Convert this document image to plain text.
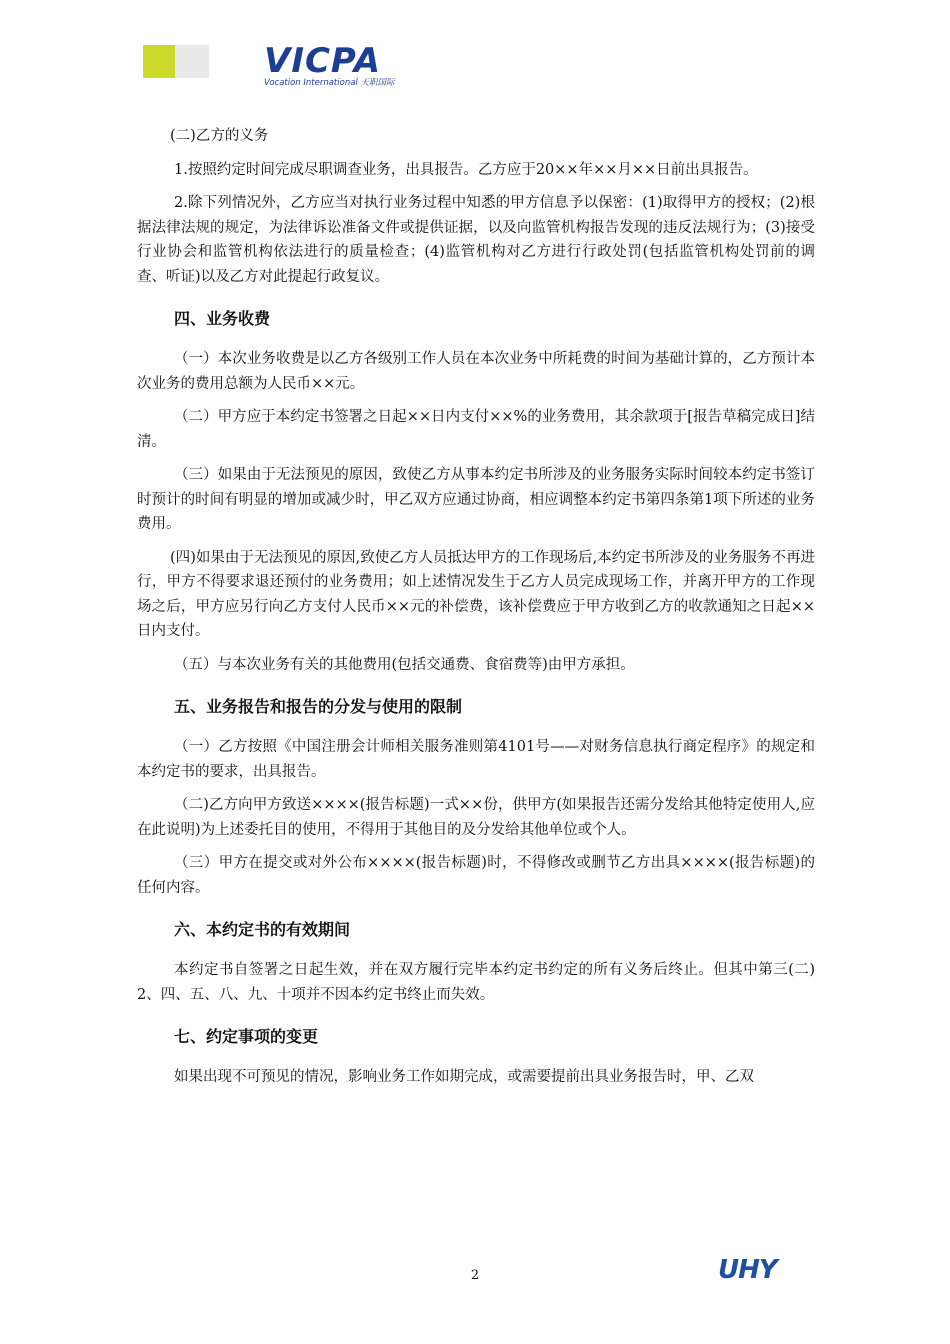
VICPA
Vocation International 天职国际

(二)乙方的义务

1.按照约定时间完成尽职调查业务，出具报告。乙方应于20××年××月××日前出具报告。

2.除下列情况外，乙方应当对执行业务过程中知悉的甲方信息予以保密：(1)取得甲方的授权；(2)根据法律法规的规定，为法律诉讼准备文件或提供证据，以及向监管机构报告发现的违反法规行为；(3)接受行业协会和监管机构依法进行的质量检查；(4)监管机构对乙方进行行政处罚(包括监管机构处罚前的调查、听证)以及乙方对此提起行政复议。

四、业务收费

（一）本次业务收费是以乙方各级别工作人员在本次业务中所耗费的时间为基础计算的，乙方预计本次业务的费用总额为人民币××元。

（二）甲方应于本约定书签署之日起××日内支付××%的业务费用，其余款项于[报告草稿完成日]结清。

（三）如果由于无法预见的原因，致使乙方从事本约定书所涉及的业务服务实际时间较本约定书签订时预计的时间有明显的增加或减少时，甲乙双方应通过协商，相应调整本约定书第四条第1项下所述的业务费用。

(四)如果由于无法预见的原因,致使乙方人员抵达甲方的工作现场后,本约定书所涉及的业务服务不再进行，甲方不得要求退还预付的业务费用；如上述情况发生于乙方人员完成现场工作，并离开甲方的工作现场之后，甲方应另行向乙方支付人民币××元的补偿费，该补偿费应于甲方收到乙方的收款通知之日起××日内支付。

（五）与本次业务有关的其他费用(包括交通费、食宿费等)由甲方承担。

五、业务报告和报告的分发与使用的限制

（一）乙方按照《中国注册会计师相关服务准则第4101号——对财务信息执行商定程序》的规定和本约定书的要求，出具报告。

（二)乙方向甲方致送××××(报告标题)一式××份，供甲方(如果报告还需分发给其他特定使用人,应在此说明)为上述委托目的使用，不得用于其他目的及分发给其他单位或个人。

（三）甲方在提交或对外公布××××(报告标题)时，不得修改或删节乙方出具××××(报告标题)的任何内容。

六、本约定书的有效期间

本约定书自签署之日起生效，并在双方履行完毕本约定书约定的所有义务后终止。但其中第三(二) 2、四、五、八、九、十项并不因本约定书终止而失效。

七、约定事项的变更

如果出现不可预见的情况，影响业务工作如期完成，或需要提前出具业务报告时，甲、乙双

2	UHY
